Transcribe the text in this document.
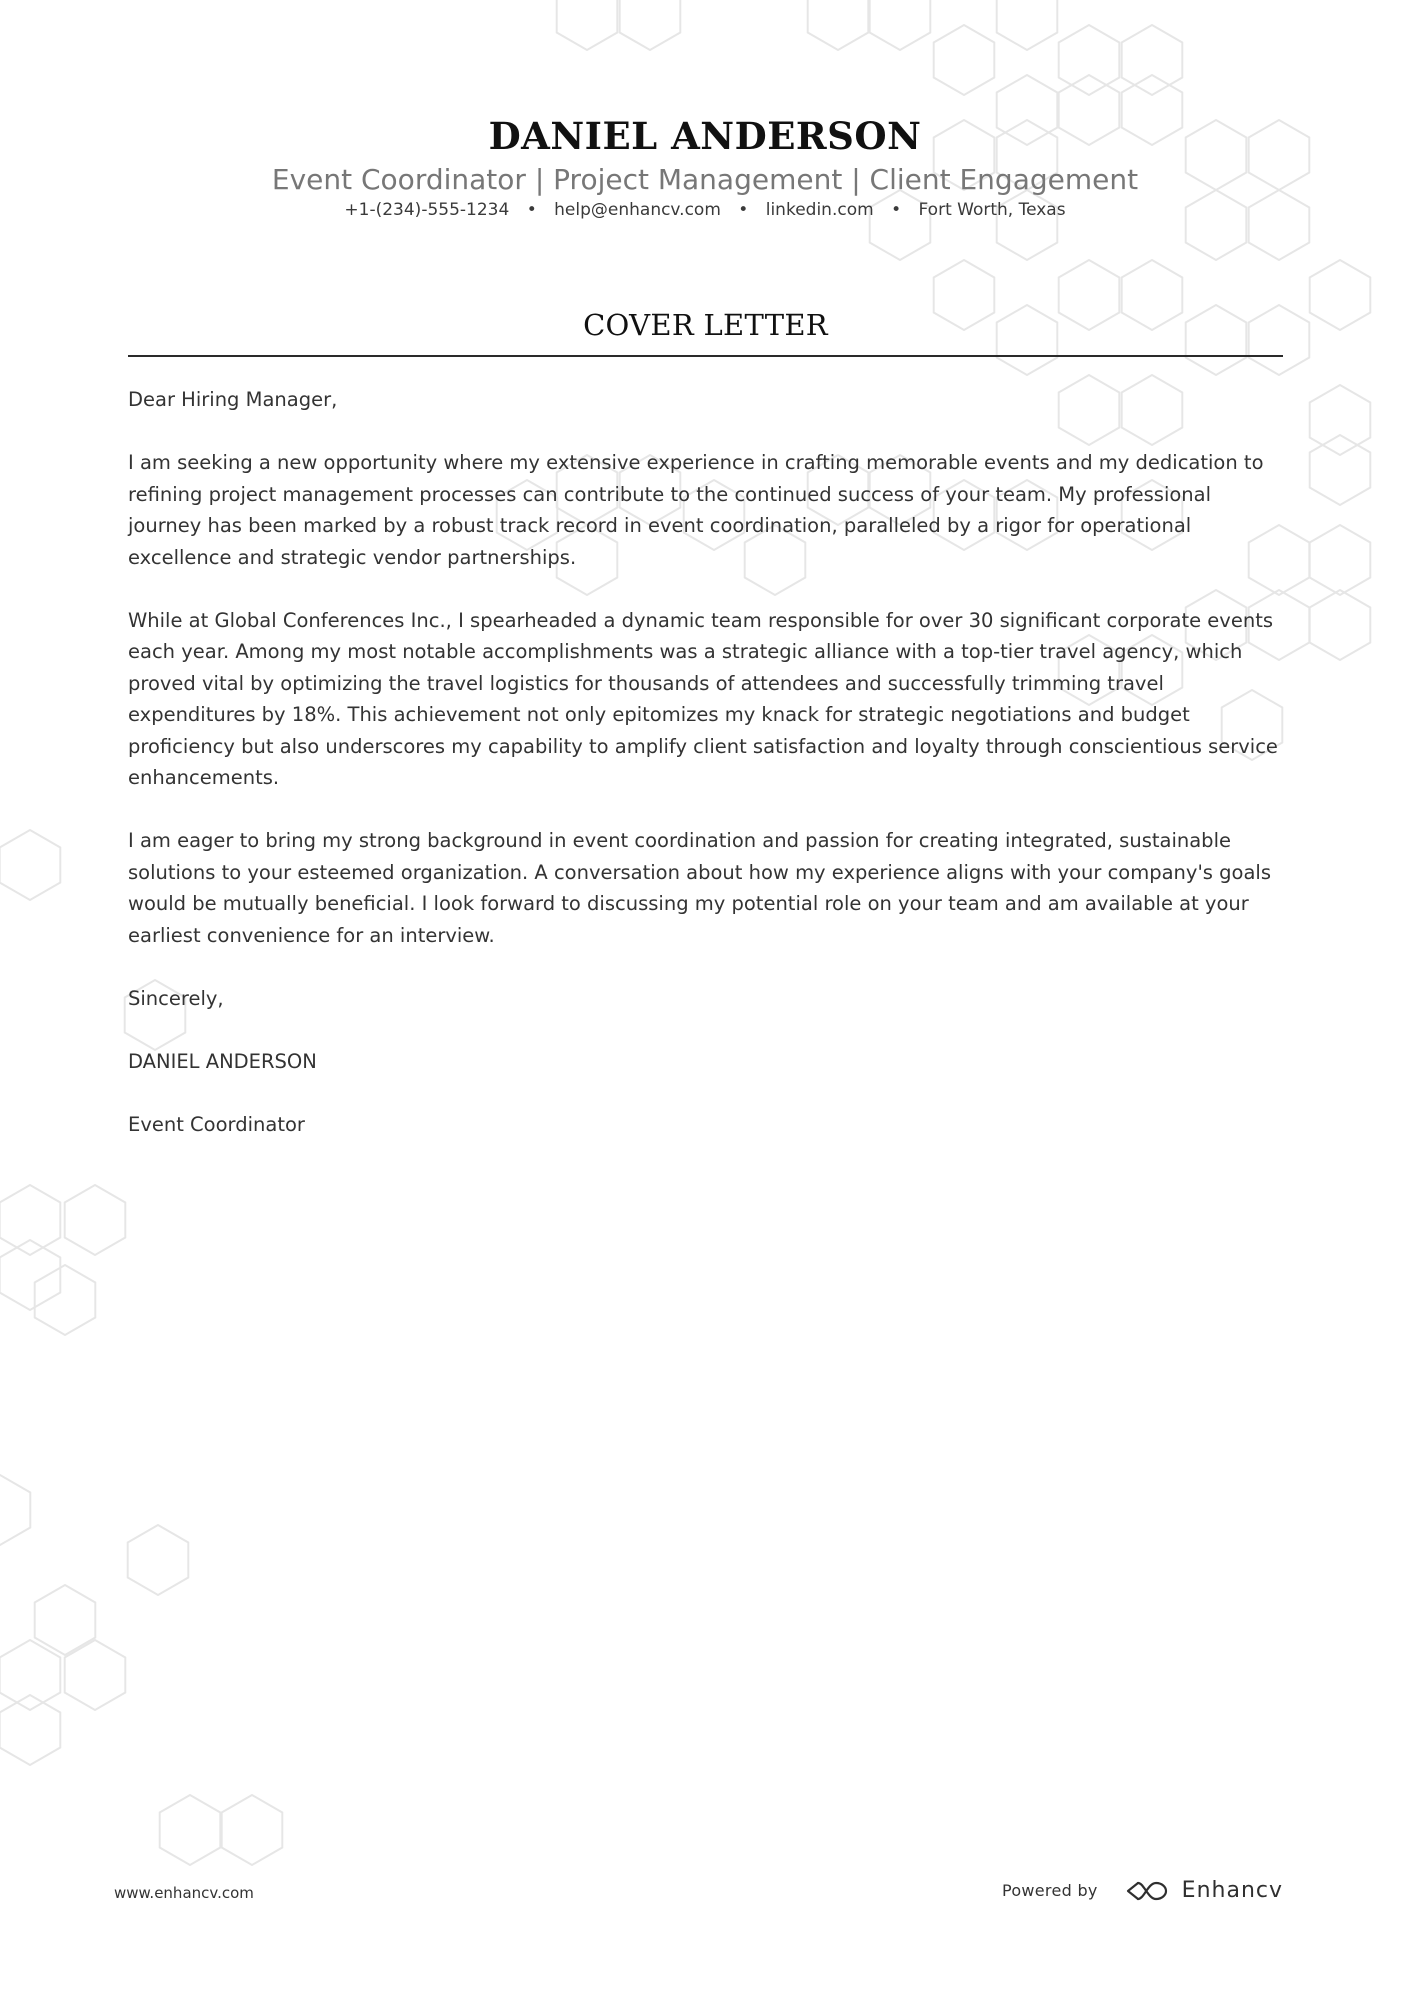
DANIEL ANDERSON
Event Coordinator | Project Management | Client Engagement
+1-(234)-555-1234 • help@enhancv.com • linkedin.com • Fort Worth, Texas
COVER LETTER

Dear Hiring Manager,

I am seeking a new opportunity where my extensive experience in crafting memorable events and my dedication to refining project management processes can contribute to the continued success of your team. My professional journey has been marked by a robust track record in event coordination, paralleled by a rigor for operational excellence and strategic vendor partnerships.

While at Global Conferences Inc., I spearheaded a dynamic team responsible for over 30 significant corporate events each year. Among my most notable accomplishments was a strategic alliance with a top-tier travel agency, which proved vital by optimizing the travel logistics for thousands of attendees and successfully trimming travel expenditures by 18%. This achievement not only epitomizes my knack for strategic negotiations and budget proficiency but also underscores my capability to amplify client satisfaction and loyalty through conscientious service enhancements.

I am eager to bring my strong background in event coordination and passion for creating integrated, sustainable solutions to your esteemed organization. A conversation about how my experience aligns with your company's goals would be mutually beneficial. I look forward to discussing my potential role on your team and am available at your earliest convenience for an interview.

Sincerely,

DANIEL ANDERSON

Event Coordinator

www.enhancv.com	Powered by	Enhancv
